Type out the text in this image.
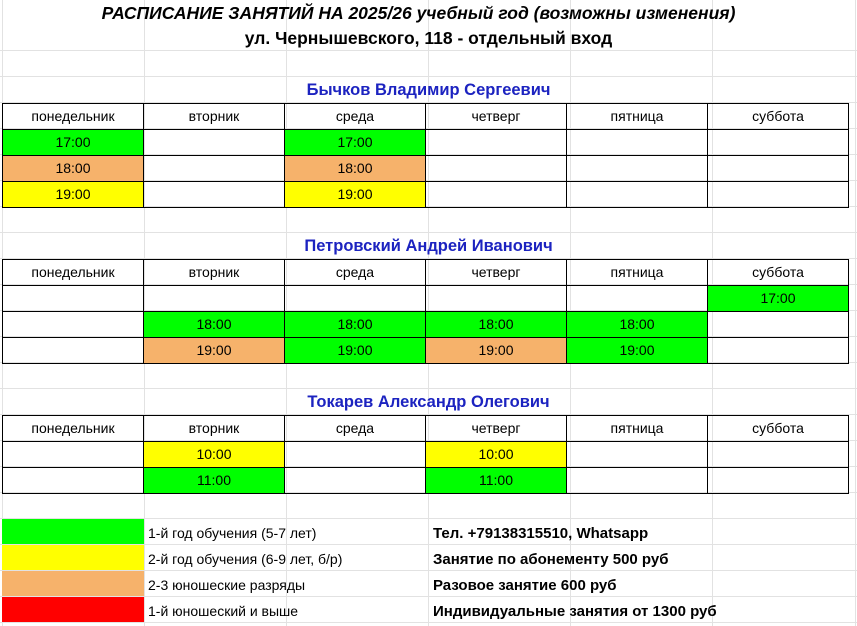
РАСПИСАНИЕ ЗАНЯТИЙ НА 2025/26 учебный год (возможны изменения)
ул. Чернышевского, 118 - отдельный вход
Бычков Владимир Сергеевич
понедельник	вторник	среда	четверг	пятница	суббота
17:00		17:00			
18:00		18:00			
19:00		19:00			
Петровский Андрей Иванович
понедельник	вторник	среда	четверг	пятница	суббота
					17:00
	18:00	18:00	18:00	18:00	
	19:00	19:00	19:00	19:00	
Токарев Александр Олегович
понедельник	вторник	среда	четверг	пятница	суббота
	10:00		10:00		
	11:00		11:00		
1-й год обучения (5-7 лет)
2-й год обучения (6-9 лет, б/р)
2-3 юношеские разряды
1-й юношеский и выше
Тел. +79138315510, Whatsapp
Занятие по абонементу 500 руб
Разовое занятие 600 руб
Индивидуальные занятия от 1300 руб
